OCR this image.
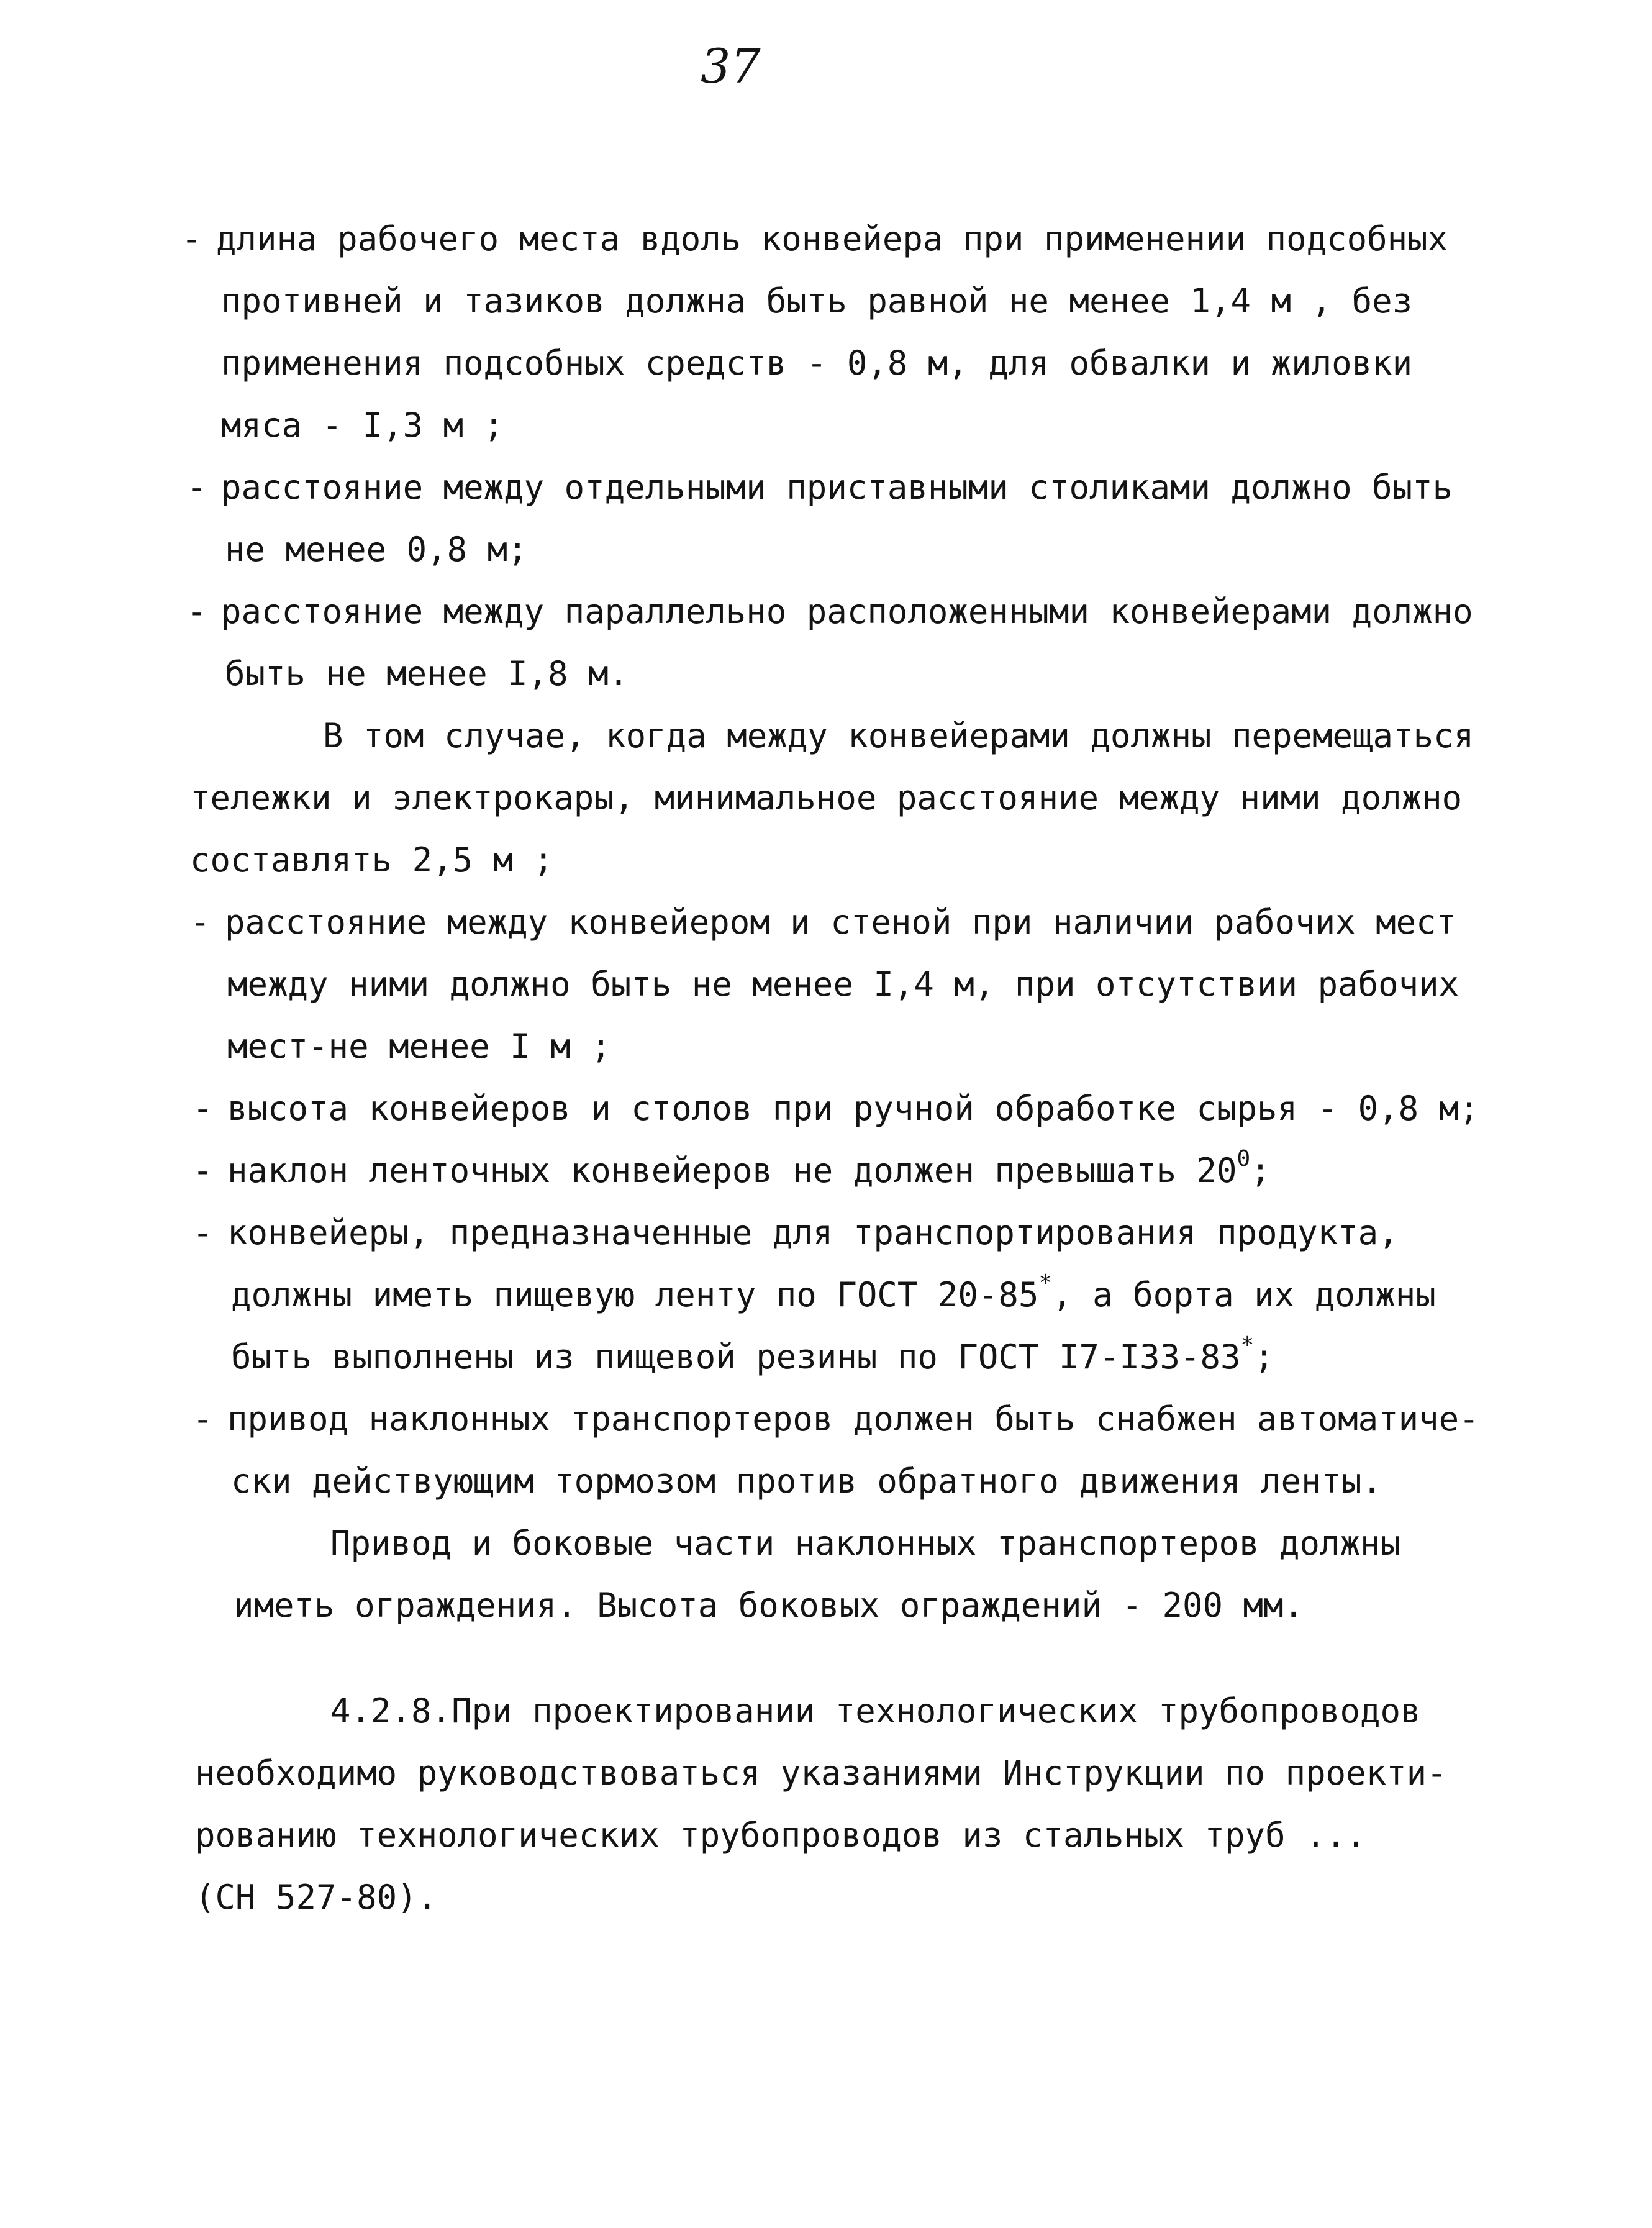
37
- длина рабочего места вдоль конвейера при применении подсобных
противней и тазиков должна быть равной не менее 1,4 м , без
применения подсобных средств - 0,8 м, для обвалки и жиловки
мяса - I,3 м ;
- расстояние между отдельными приставными столиками должно быть
не менее 0,8 м;
- расстояние между параллельно расположенными конвейерами должно
быть не менее I,8 м.
В том случае, когда между конвейерами должны перемещаться
тележки и электрокары, минимальное расстояние между ними должно
составлять 2,5 м ;
- расстояние между конвейером и стеной при наличии рабочих мест
между ними должно быть не менее I,4 м, при отсутствии рабочих
мест-не менее I м ;
- высота конвейеров и столов при ручной обработке сырья - 0,8 м;
- наклон ленточных конвейеров не должен превышать $20^0$;
- конвейеры, предназначенные для транспортирования продукта,
должны иметь пищевую ленту по ГОСТ 20-85*, а борта их должны
быть выполнены из пищевой резины по ГОСТ I7-I33-83*;
- привод наклонных транспортеров должен быть снабжен автоматиче-
ски действующим тормозом против обратного движения ленты.
Привод и боковые части наклонных транспортеров должны
иметь ограждения. Высота боковых ограждений - 200 мм.
4.2.8.При проектировании технологических трубопроводов
необходимо руководствоваться указаниями Инструкции по проекти-
рованию технологических трубопроводов из стальных труб ...
(СН 527-80).
